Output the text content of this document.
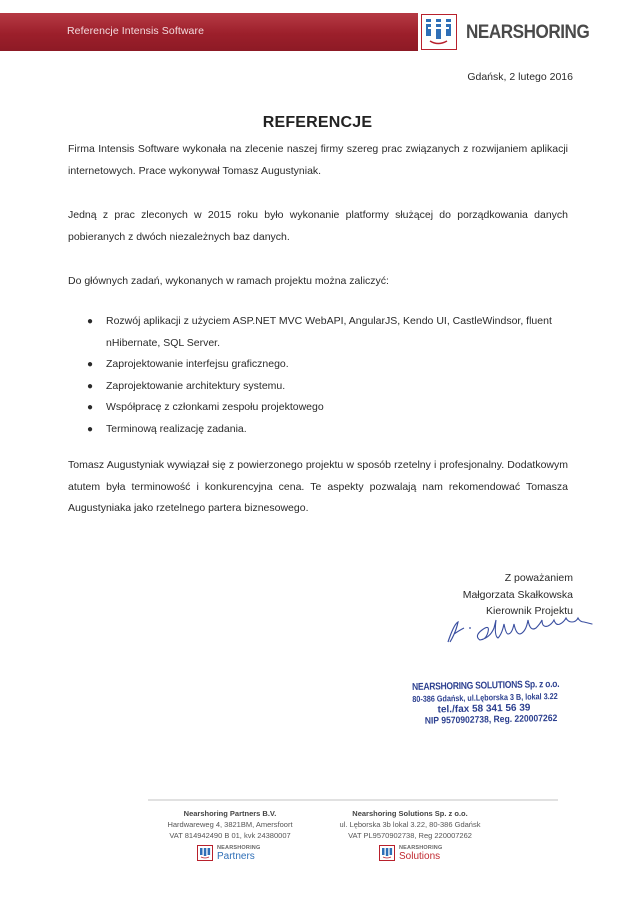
Referencje Intensis Software	NEARSHORING
Gdańsk, 2 lutego 2016
REFERENCJE

Firma Intensis Software wykonała na zlecenie naszej firmy szereg prac związanych z rozwijaniem aplikacji internetowych. Prace wykonywał Tomasz Augustyniak.

Jedną z prac zleconych w 2015 roku było wykonanie platformy służącej do porządkowania danych pobieranych z dwóch niezależnych baz danych.

Do głównych zadań, wykonanych w ramach projektu można zaliczyć:

● Rozwój aplikacji z użyciem ASP.NET MVC WebAPI, AngularJS, Kendo UI, CastleWindsor, fluent nHibernate, SQL Server.
● Zaprojektowanie interfejsu graficznego.
● Zaprojektowanie architektury systemu.
● Współpracę z członkami zespołu projektowego
● Terminową realizację zadania.

Tomasz Augustyniak wywiązał się z powierzonego projektu w sposób rzetelny i profesjonalny. Dodatkowym atutem była terminowość i konkurencyjna cena. Te aspekty pozwalają nam rekomendować Tomasza Augustyniaka jako rzetelnego partera biznesowego.

Z poważaniem
Małgorzata Skałkowska
Kierownik Projektu
NEARSHORING SOLUTIONS Sp. z o.o.
80-386 Gdańsk, ul.Lęborska 3 B, lokal 3.22
tel./fax 58 341 56 39
NIP 9570902738, Reg. 220007262
Nearshoring Partners B.V.
Hardwareweg 4, 3821BM, Amersfoort
VAT 814942490 B 01, kvk 24380007
NEARSHORING
Partners
Nearshoring Solutions Sp. z o.o.
ul. Lęborska 3b lokal 3.22, 80-386 Gdańsk
VAT PL9570902738, Reg 220007262
NEARSHORING
Solutions
